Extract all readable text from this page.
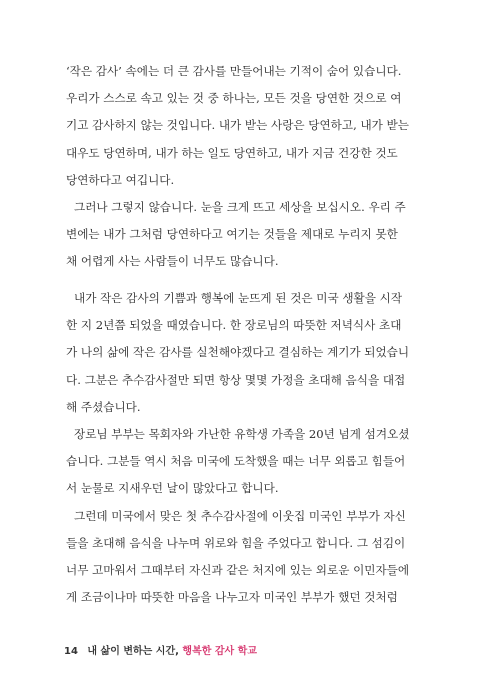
‘작은 감사’ 속에는 더 큰 감사를 만들어내는 기적이 숨어 있습니다.
우리가 스스로 속고 있는 것 중 하나는, 모든 것을 당연한 것으로 여
기고 감사하지 않는 것입니다. 내가 받는 사랑은 당연하고, 내가 받는
대우도 당연하며, 내가 하는 일도 당연하고, 내가 지금 건강한 것도
당연하다고 여깁니다.
그러나 그렇지 않습니다. 눈을 크게 뜨고 세상을 보십시오. 우리 주
변에는 내가 그처럼 당연하다고 여기는 것들을 제대로 누리지 못한
채 어렵게 사는 사람들이 너무도 많습니다.
내가 작은 감사의 기쁨과 행복에 눈뜨게 된 것은 미국 생활을 시작
한 지 2년쯤 되었을 때였습니다. 한 장로님의 따뜻한 저녁식사 초대
가 나의 삶에 작은 감사를 실천해야겠다고 결심하는 계기가 되었습니
다. 그분은 추수감사절만 되면 항상 몇몇 가정을 초대해 음식을 대접
해 주셨습니다.
장로님 부부는 목회자와 가난한 유학생 가족을 20년 넘게 섬겨오셨
습니다. 그분들 역시 처음 미국에 도착했을 때는 너무 외롭고 힘들어
서 눈물로 지새우던 날이 많았다고 합니다.
그런데 미국에서 맞은 첫 추수감사절에 이웃집 미국인 부부가 자신
들을 초대해 음식을 나누며 위로와 힘을 주었다고 합니다. 그 섬김이
너무 고마워서 그때부터 자신과 같은 처지에 있는 외로운 이민자들에
게 조금이나마 따뜻한 마음을 나누고자 미국인 부부가 했던 것처럼
14 내 삶이 변하는 시간, 행복한 감사 학교
